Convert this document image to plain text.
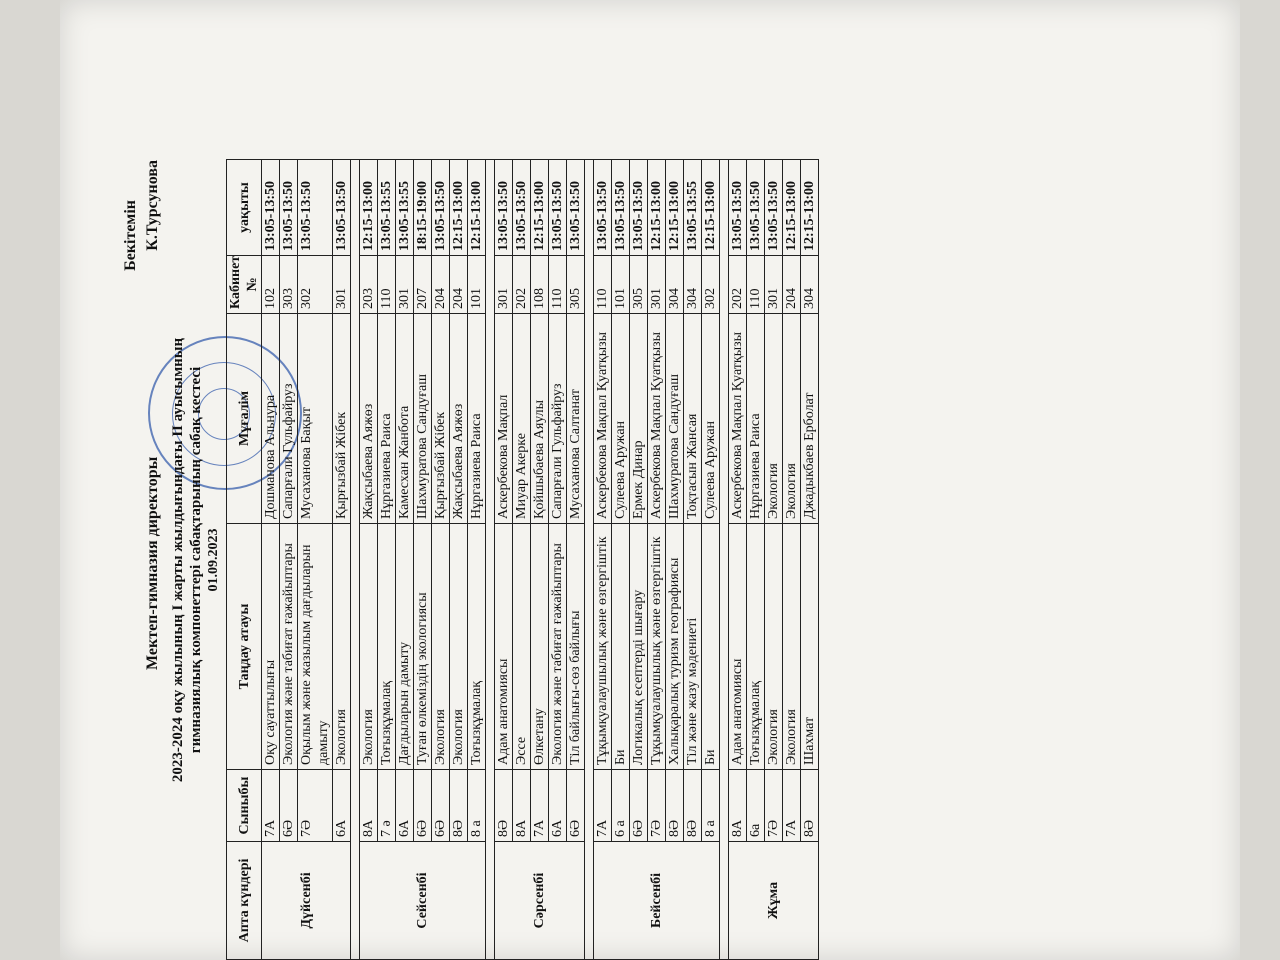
Бекітемін
Мектеп-гимназия директоры
К.Турсунова
2023-2024 оқу жылының I жарты жылдығындағы ІІ ауысымның гимназиялық компонеттері сабақтарының сабақ кестесі 01.09.2023
Апта күндері	Сыныбы	Таңдау атауы	Мұғалім	Кабинет №	уақыты
Дүйсенбі	7А	Оқу сауаттылығы	Дошманова Альнура	102	13:05-13:50
	6Ә	Экология және табиғат ғажайыптары	Сапарғали Гульфайруз	303	13:05-13:50
	7Ә	Оқылым және жазылым дағдыларын дамыту	Мусаханова Бақыт	302	13:05-13:50
	6А	Экология	Қырғызбай Жібек	301	13:05-13:50

Сейсенбі	8А	Экология	Жақсыбаева Аяжөз	203	12:15-13:00
	7 ә	Тоғызқұмалақ	Нұргазиева Раиса	110	13:05-13:55
	6А	Дағдыларын дамыту	Камесхан Жанбота	301	13:05-13:55
	6Ә	Туған өлкеміздің экологиясы	Шахмуратова Сандуғаш	207	18:15-19:00
	6Ә	Экология	Қырғызбай Жібек	204	13:05-13:50
	8Ә	Экология	Жақсыбаева Аяжөз	204	12:15-13:00
	8 а	Тоғызқұмалақ	Нұргазиева Раиса	101	12:15-13:00

Сәрсенбі	8Ә	Адам анатомиясы	Аскербекова Мақпал	301	13:05-13:50
	8А	Эссе	Миуар Акерке	202	13:05-13:50
	7А	Өлкетану	Қойшыбаева Аяулы	108	12:15-13:00
	6А	Экология және табиғат ғажайыптары	Сапарғали Гульфайруз	110	13:05-13:50
	6Ә	Тіл байлығы-сөз байлығы	Мусаханова Салтанат	305	13:05-13:50

Бейсенбі	7А	Тұқымқуалаушылық және өзгергіштік	Аскербекова Мақпал Қуатқызы	110	13:05-13:50
	6 а	Би	Сулеева Аружан	101	13:05-13:50
	6Ә	Логикалық есептерді шығару	Ермек Динар	305	13:05-13:50
	7Ә	Тұқымқуалаушылық және өзгергіштік	Аскербекова Мақпал Қуатқызы	301	12:15-13:00
	8Ә	Халықаралық туризм географиясы	Шахмуратова Сандуғаш	304	12:15-13:00
	8Ә	Тіл және жазу мәдениеті	Тоқтасын Жансая	304	13:05-13:55
	8 а	Би	Сулеева Аружан	302	12:15-13:00

Жұма	8А	Адам анатомиясы	Аскербекова Мақпал Қуатқызы	202	13:05-13:50
	6а	Тоғызқұмалақ	Нұргазиева Раиса	110	13:05-13:50
	7Ә	Экология	Экология	301	13:05-13:50
	7А	Экология	Экология	204	12:15-13:00
	8Ә	Шахмат	Джадыкбаев Ерболат	304	12:15-13:00
